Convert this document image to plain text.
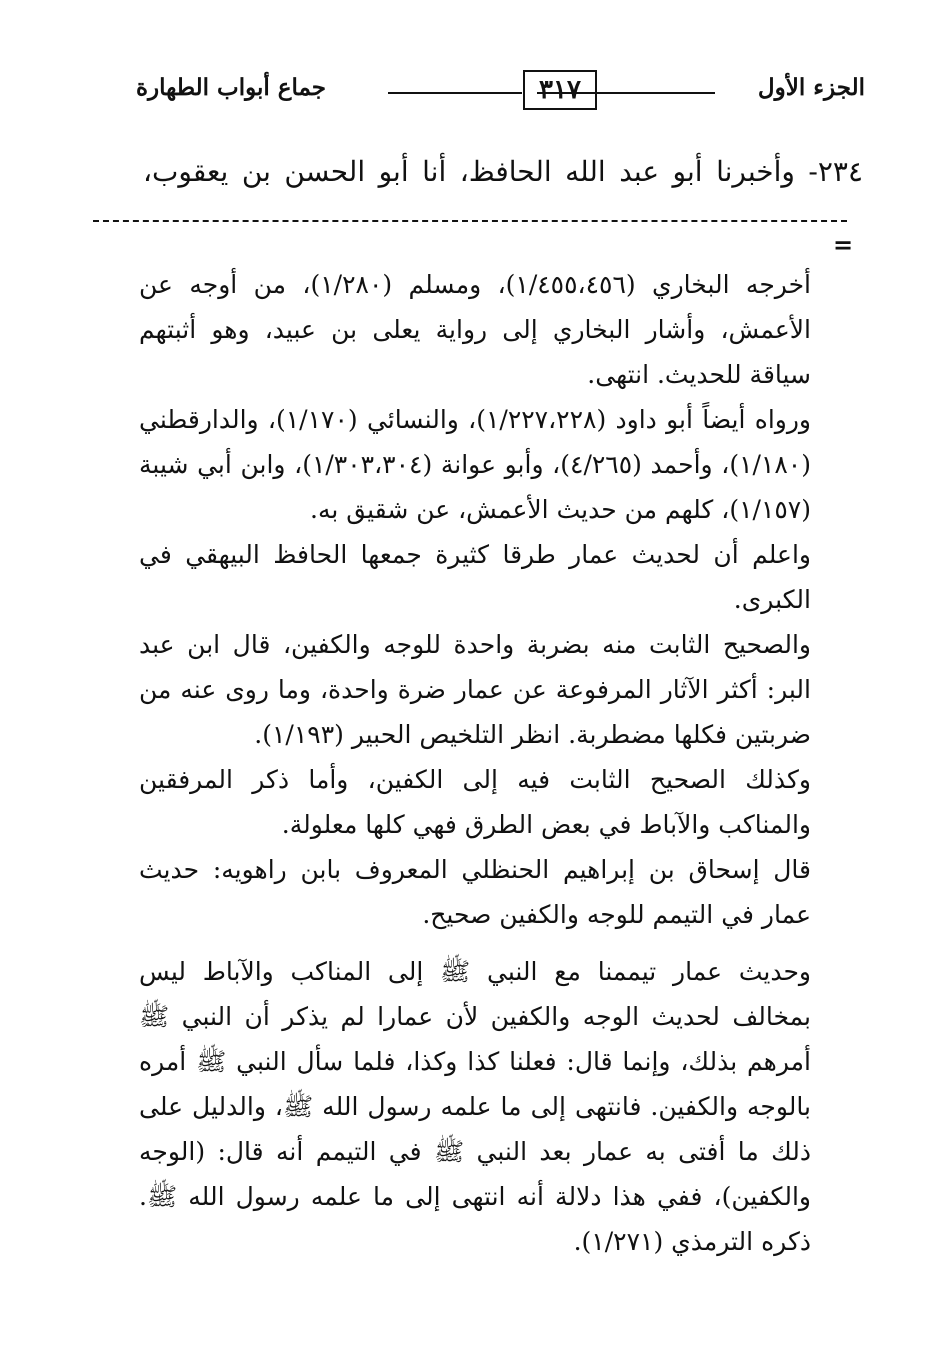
الجزء الأول
٣١٧
جماع أبواب الطهارة
٢٣٤- وأخبرنا أبو عبد الله الحافظ، أنا أبو الحسن بن يعقوب،
=

أخرجه البخاري (١/٤٥٥،٤٥٦)، ومسلم (١/٢٨٠)، من أوجه عن الأعمش، وأشار البخاري إلى رواية يعلى بن عبيد، وهو أثبتهم سياقة للحديث. انتهى.

ورواه أيضاً أبو داود (١/٢٢٧،٢٢٨)، والنسائي (١/١٧٠)، والدارقطني (١/١٨٠)، وأحمد (٤/٢٦٥)، وأبو عوانة (١/٣٠٣،٣٠٤)، وابن أبي شيبة (١/١٥٧)، كلهم من حديث الأعمش، عن شقيق به.

واعلم أن لحديث عمار طرقا كثيرة جمعها الحافظ البيهقي في الكبرى.

والصحيح الثابت منه بضربة واحدة للوجه والكفين، قال ابن عبد البر: أكثر الآثار المرفوعة عن عمار ضرة واحدة، وما روى عنه من ضربتين فكلها مضطربة. انظر التلخيص الحبير (١/١٩٣).

وكذلك الصحيح الثابت فيه إلى الكفين، وأما ذكر المرفقين والمناكب والآباط في بعض الطرق فهي كلها معلولة.

قال إسحاق بن إبراهيم الحنظلي المعروف بابن راهويه: حديث عمار في التيمم للوجه والكفين صحيح.

وحديث عمار تيممنا مع النبي ﷺ إلى المناكب والآباط ليس بمخالف لحديث الوجه والكفين لأن عمارا لم يذكر أن النبي ﷺ أمرهم بذلك، وإنما قال: فعلنا كذا وكذا، فلما سأل النبي ﷺ أمره بالوجه والكفين. فانتهى إلى ما علمه رسول الله ﷺ، والدليل على ذلك ما أفتى به عمار بعد النبي ﷺ في التيمم أنه قال: (الوجه والكفين)، ففي هذا دلالة أنه انتهى إلى ما علمه رسول الله ﷺ. ذكره الترمذي (١/٢٧١).
